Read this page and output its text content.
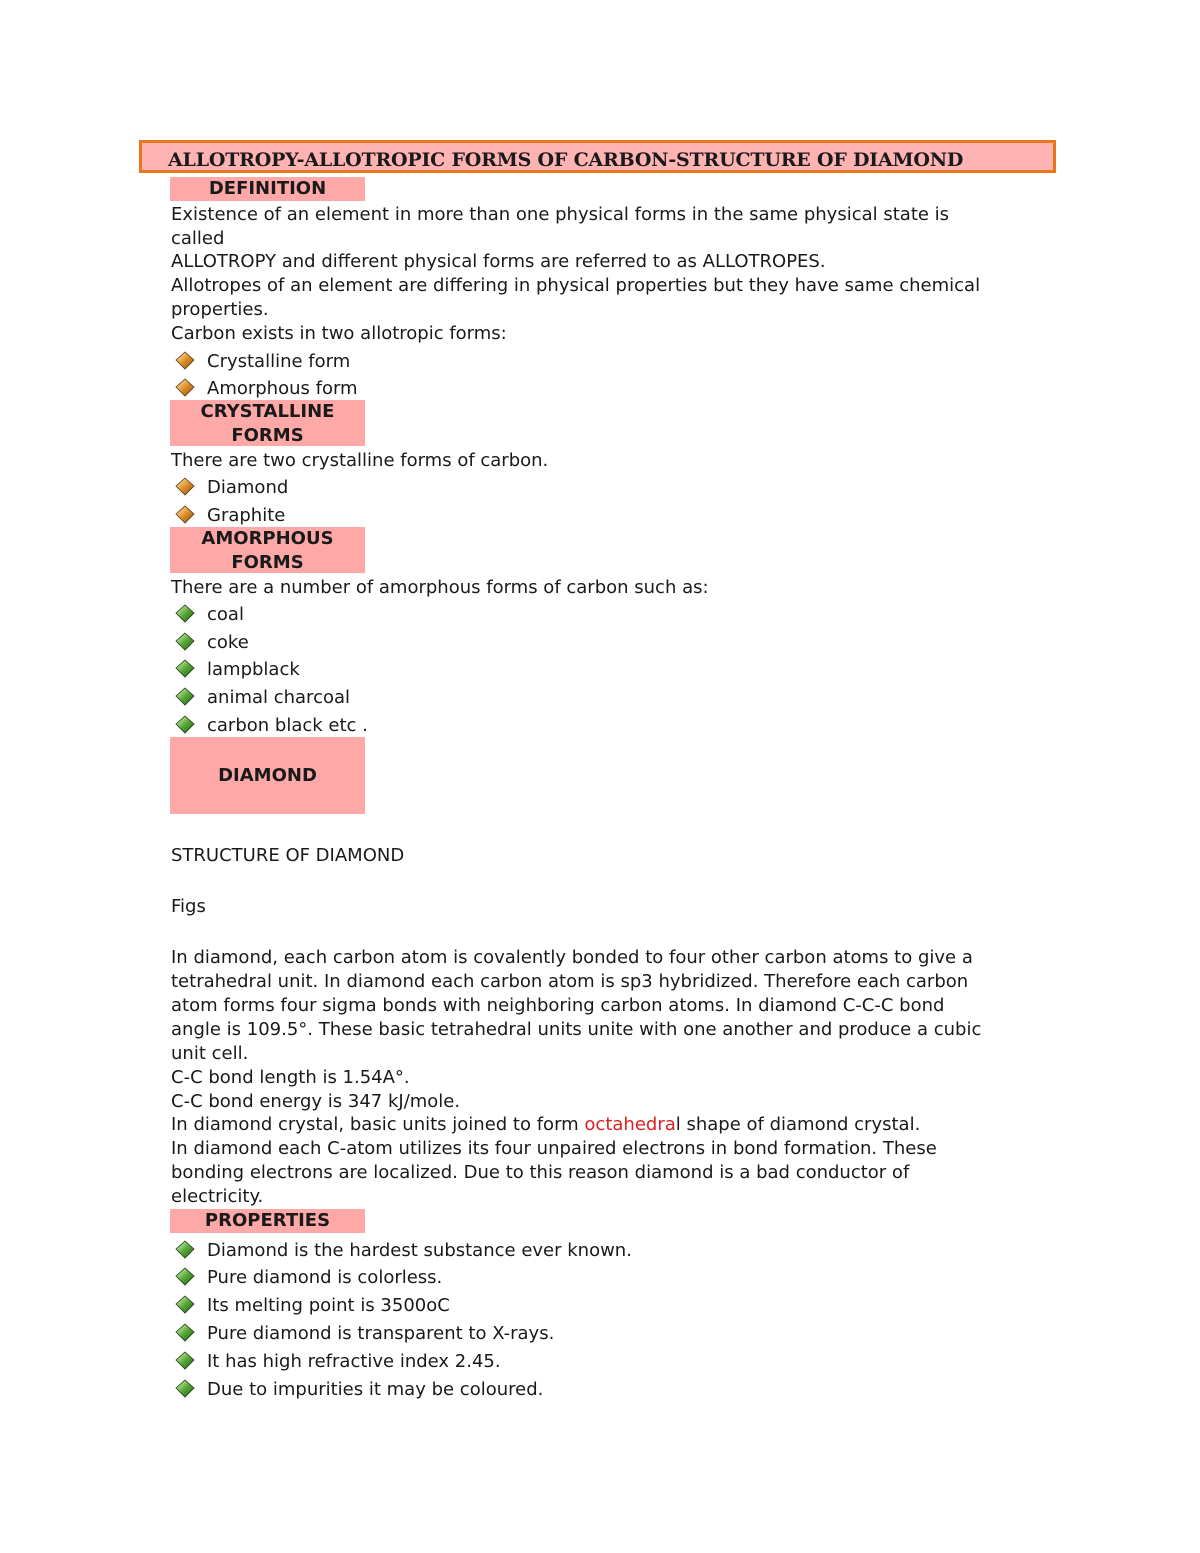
ALLOTROPY-ALLOTROPIC FORMS OF CARBON-STRUCTURE OF DIAMOND
DEFINITION
Existence of an element in more than one physical forms in the same physical state is
called
ALLOTROPY and different physical forms are referred to as ALLOTROPES.
Allotropes of an element are differing in physical properties but they have same chemical
properties.
Carbon exists in two allotropic forms:
Crystalline form
Amorphous form
CRYSTALLINE
FORMS
There are two crystalline forms of carbon.
Diamond
Graphite
AMORPHOUS
FORMS
There are a number of amorphous forms of carbon such as:
coal
coke
lampblack
animal charcoal
carbon black etc .
DIAMOND
STRUCTURE OF DIAMOND
Figs
In diamond, each carbon atom is covalently bonded to four other carbon atoms to give a
tetrahedral unit. In diamond each carbon atom is sp3 hybridized. Therefore each carbon
atom forms four sigma bonds with neighboring carbon atoms. In diamond C-C-C bond
angle is 109.5°. These basic tetrahedral units unite with one another and produce a cubic
unit cell.
C-C bond length is 1.54A°.
C-C bond energy is 347 kJ/mole.
In diamond crystal, basic units joined to form octahedral shape of diamond crystal.
In diamond each C-atom utilizes its four unpaired electrons in bond formation. These
bonding electrons are localized. Due to this reason diamond is a bad conductor of
electricity.
PROPERTIES
Diamond is the hardest substance ever known.
Pure diamond is colorless.
Its melting point is 3500oC
Pure diamond is transparent to X-rays.
It has high refractive index 2.45.
Due to impurities it may be coloured.
